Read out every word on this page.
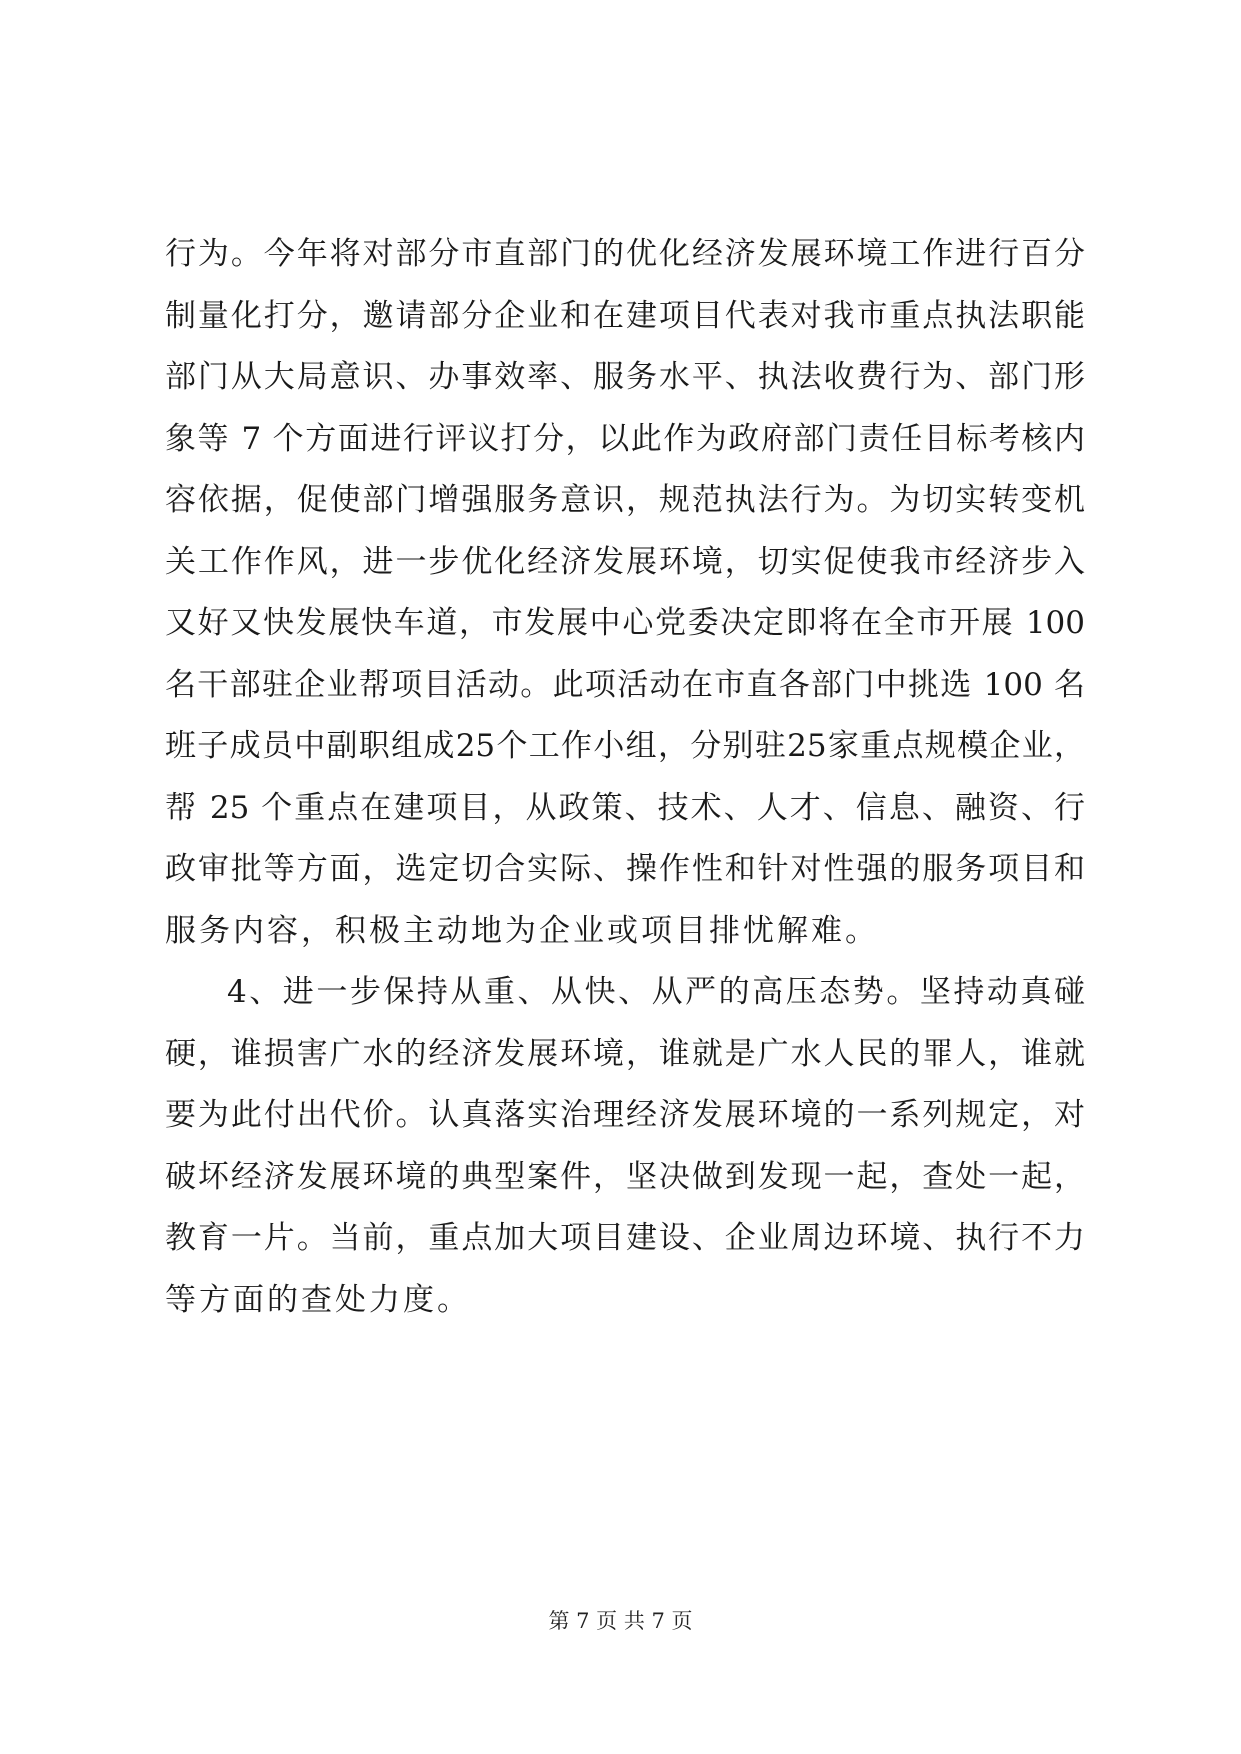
行为。今年将对部分市直部门的优化经济发展环境工作进行百分
制量化打分，邀请部分企业和在建项目代表对我市重点执法职能
部门从大局意识、办事效率、服务水平、执法收费行为、部门形
象等 7 个方面进行评议打分，以此作为政府部门责任目标考核内
容依据，促使部门增强服务意识，规范执法行为。为切实转变机
关工作作风，进一步优化经济发展环境，切实促使我市经济步入
又好又快发展快车道，市发展中心党委决定即将在全市开展 100
名干部驻企业帮项目活动。此项活动在市直各部门中挑选 100 名
班子成员中副职组成25个工作小组，分别驻25家重点规模企业，
帮 25 个重点在建项目，从政策、技术、人才、信息、融资、行
政审批等方面，选定切合实际、操作性和针对性强的服务项目和
服务内容，积极主动地为企业或项目排忧解难。
4、进一步保持从重、从快、从严的高压态势。坚持动真碰
硬，谁损害广水的经济发展环境，谁就是广水人民的罪人，谁就
要为此付出代价。认真落实治理经济发展环境的一系列规定，对
破坏经济发展环境的典型案件，坚决做到发现一起，查处一起，
教育一片。当前，重点加大项目建设、企业周边环境、执行不力
等方面的查处力度。
第 7 页 共 7 页
